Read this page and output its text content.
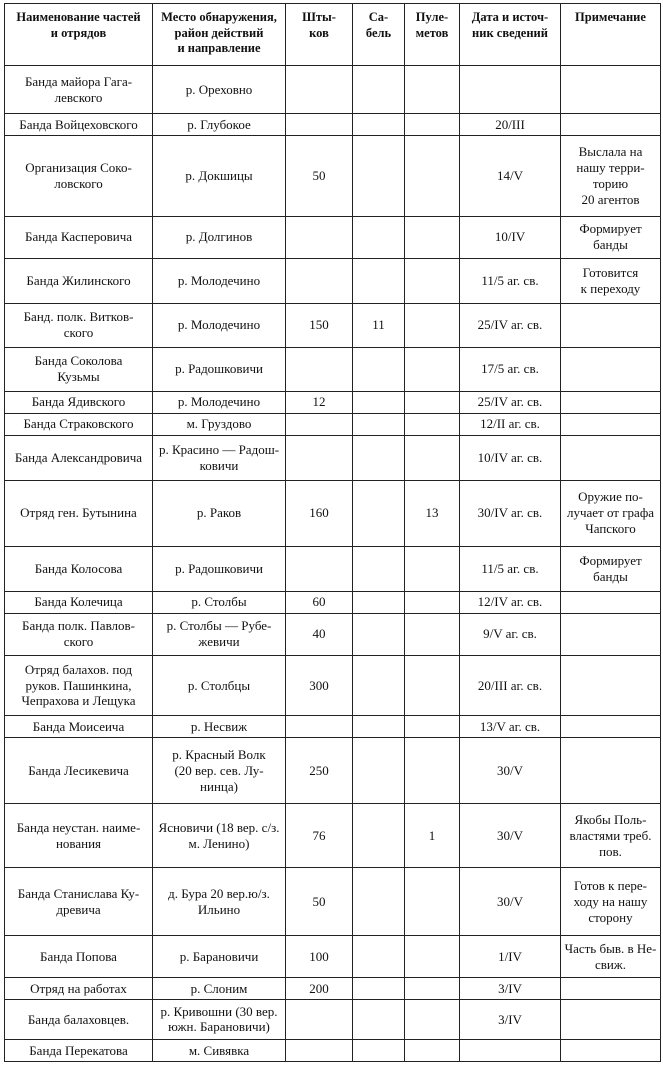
Наименование частей
и отрядов	Место обнаружения,
район действий
и направление	Шты-
ков	Са-
бель	Пуле-
метов	Дата и источ-
ник сведений	Примечание
Банда майора Гага-
левского	р. Ореховно					
Банда Войцеховского	р. Глубокое				20/III	
Организация Соко-
ловского	р. Докшицы	50			14/V	Выслала на
нашу терри-
торию
20 агентов
Банда Касперовича	р. Долгинов				10/IV	Формирует
банды
Банда Жилинского	р. Молодечино				11/5 аг. св.	Готовится
к переходу
Банд. полк. Витков-
ского	р. Молодечино	150	11		25/IV аг. св.	
Банда Соколова
Кузьмы	р. Радошковичи				17/5 аг. св.	
Банда Ядивского	р. Молодечино	12			25/IV аг. св.	
Банда Страковского	м. Груздово				12/II аг. св.	
Банда Александровича	р. Красино — Радош-
ковичи				10/IV аг. св.	
Отряд ген. Бутынина	р. Раков	160		13	30/IV аг. св.	Оружие по-
лучает от графа
Чапского
Банда Колосова	р. Радошковичи				11/5 аг. св.	Формирует
банды
Банда Колечица	р. Столбы	60			12/IV аг. св.	
Банда полк. Павлов-
ского	р. Столбы — Рубе-
жевичи	40			9/V аг. св.	
Отряд балахов. под
руков. Пашинкина,
Чепрахова и Лещука	р. Столбцы	300			20/III аг. св.	
Банда Моисеича	р. Несвиж				13/V аг. св.	
Банда Лесикевича	р. Красный Волк
(20 вер. сев. Лу-
нинца)	250			30/V	
Банда неустан. наиме-
нования	Ясновичи (18 вер. с/з.
м. Ленино)	76		1	30/V	Якобы Поль-
властями треб.
пов.
Банда Станислава Ку-
древича	д. Бура 20 вер.ю/з.
Ильино	50			30/V	Готов к пере-
ходу на нашу
сторону
Банда Попова	р. Барановичи	100			1/IV	Часть быв. в Не-
свиж.
Отряд на работах	р. Слоним	200			3/IV	
Банда балаховцев.	р. Кривошни (30 вер.
южн. Барановичи)				3/IV	
Банда Перекатова	м. Сивявка					
